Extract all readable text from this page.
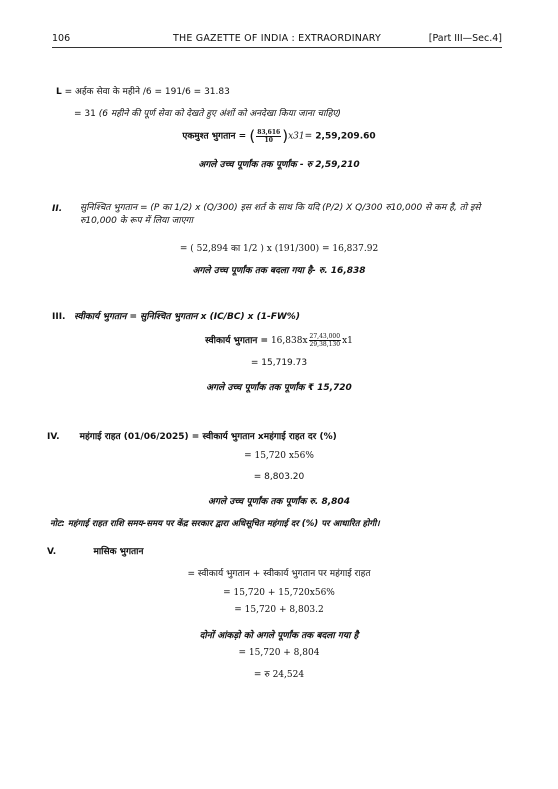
106	THE GAZETTE OF INDIA : EXTRAORDINARY	[Part III—Sec.4]
L = अर्हक सेवा के महीने /6 = 191/6 = 31.83
= 31 (6 महीने की पूर्ण सेवा को देखते हुए अंशों को अनदेखा किया जाना चाहिए)
एकमुश्त भुगतान = ( $\frac{83,616}{10} )x31= 2,59,209.60$
अगले उच्च पूर्णांक तक पूर्णांक - रु 2,59,210
II. सुनिश्चित भुगतान = (P का 1/2) x (Q/300) इस शर्त के साथ कि यदि (P/2) X Q/300 रु10,000 से कम है, तो इसे रु10,000 के रूप में लिया जाएगा
= ( 52,894 का 1/2 ) x (191/300) = 16,837.92
अगले उच्च पूर्णांक तक बदला गया है- रु. 16,838
III. स्वीकार्य भुगतान = सुनिश्चित भुगतान x (IC/BC) x (1-FW%)
स्वीकार्य भुगतान = $16,838x \frac{27,43,000}{29,38,130} x1$
= 15,719.73
अगले उच्च पूर्णांक तक पूर्णांक ₹ 15,720
IV. महंगाई राहत (01/06/2025) = स्वीकार्य भुगतान xमहंगाई राहत दर (%)
= 15,720 x56%
= 8,803.20
अगले उच्च पूर्णांक तक पूर्णांक रु. 8,804
नोट: महंगाई राहत राशि समय-समय पर केंद्र सरकार द्वारा अधिसूचित महंगाई दर (%) पर आधारित होगी।
V.	मासिक भुगतान
= स्वीकार्य भुगतान + स्वीकार्य भुगतान पर महंगाई राहत
= 15,720 + 15,720x56%
= 15,720 + 8,803.2
दोनों आंकड़ो को अगले पूर्णांक तक बदला गया है
= 15,720 + 8,804
= रु 24,524
